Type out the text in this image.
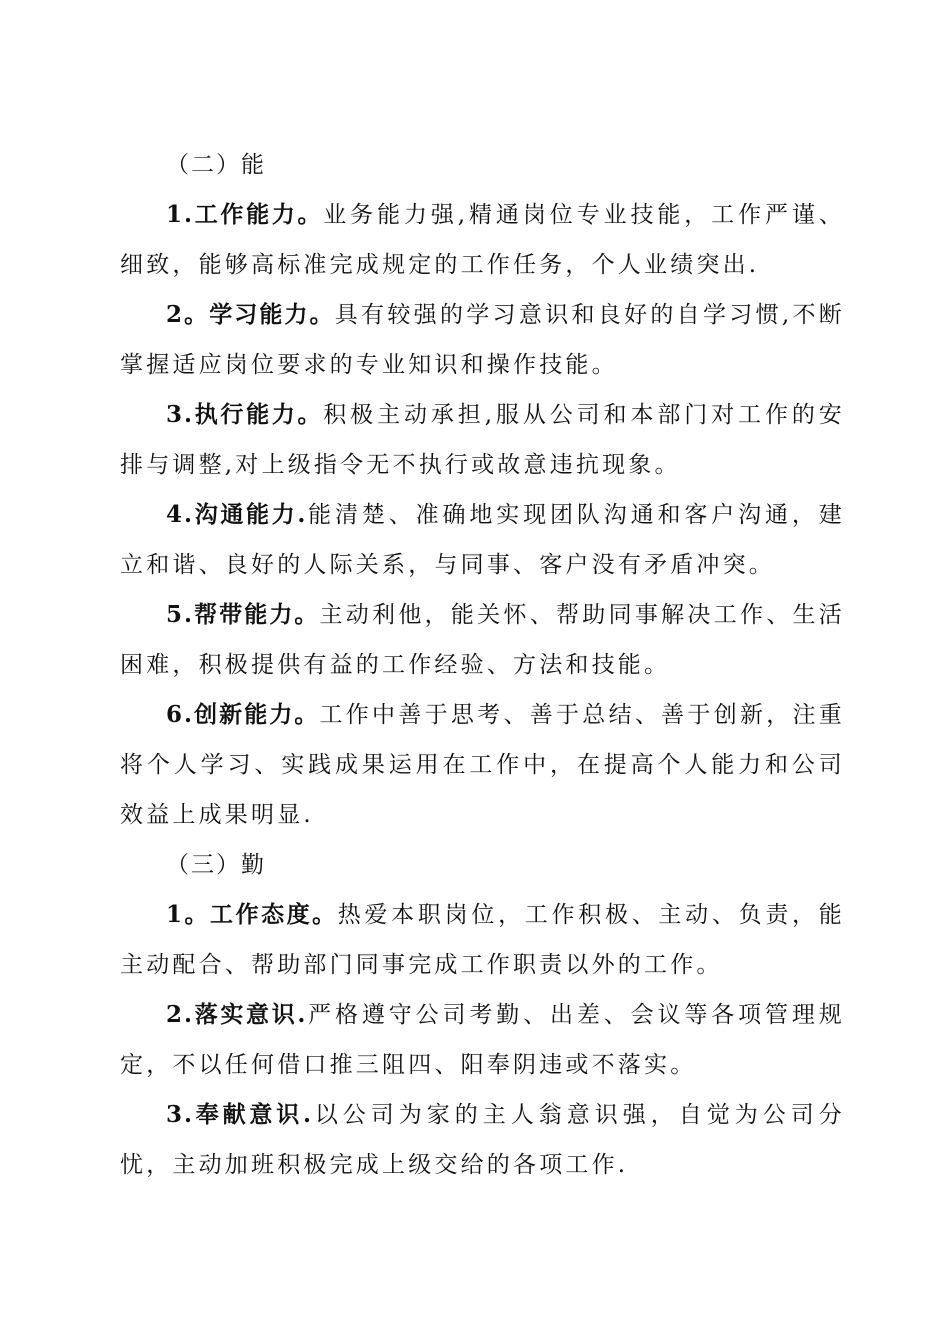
（二）能

1.工作能力。业务能力强,精通岗位专业技能，工作严谨、细致，能够高标准完成规定的工作任务，个人业绩突出.

2。学习能力。具有较强的学习意识和良好的自学习惯,不断掌握适应岗位要求的专业知识和操作技能。

3.执行能力。积极主动承担,服从公司和本部门对工作的安排与调整,对上级指令无不执行或故意违抗现象。

4.沟通能力.能清楚、准确地实现团队沟通和客户沟通，建立和谐、良好的人际关系，与同事、客户没有矛盾冲突。

5.帮带能力。主动利他，能关怀、帮助同事解决工作、生活困难，积极提供有益的工作经验、方法和技能。

6.创新能力。工作中善于思考、善于总结、善于创新，注重将个人学习、实践成果运用在工作中，在提高个人能力和公司效益上成果明显.

（三）勤

1。工作态度。热爱本职岗位，工作积极、主动、负责，能主动配合、帮助部门同事完成工作职责以外的工作。

2.落实意识.严格遵守公司考勤、出差、会议等各项管理规定，不以任何借口推三阻四、阳奉阴违或不落实。

3.奉献意识.以公司为家的主人翁意识强，自觉为公司分忧，主动加班积极完成上级交给的各项工作.
